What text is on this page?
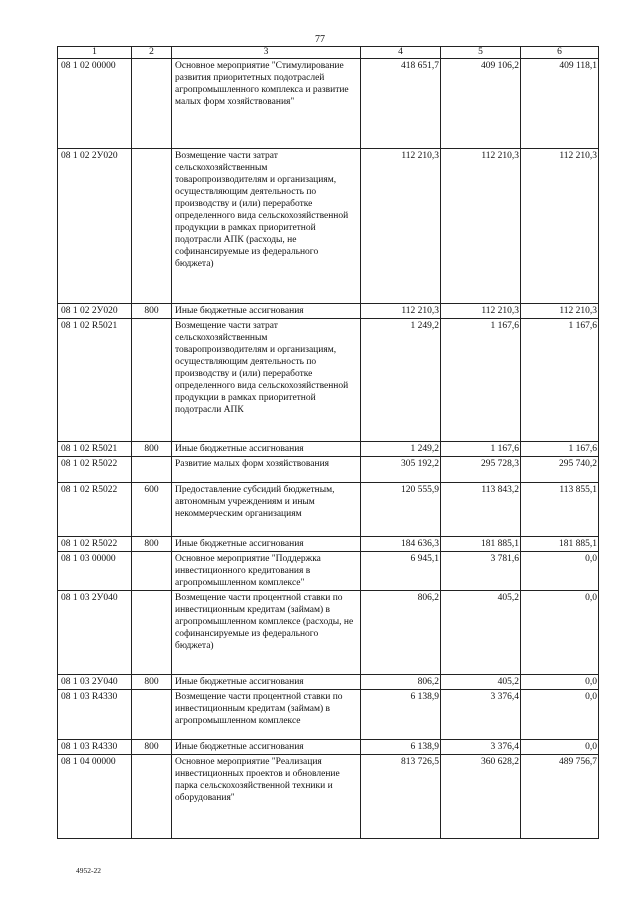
77
1	2	3	4	5	6
08 1 02 00000		Основное мероприятие "Стимулирование развития приоритетных подотраслей агропромышленного комплекса и развитие малых форм хозяйствования"	418 651,7	409 106,2	409 118,1
08 1 02 2У020		Возмещение части затрат сельскохозяйственным товаропроизводителям и организациям, осуществляющим деятельность по производству и (или) переработке определенного вида сельскохозяйственной продукции в рамках приоритетной подотрасли АПК (расходы, не софинансируемые из федерального бюджета)	112 210,3	112 210,3	112 210,3
08 1 02 2У020	800	Иные бюджетные ассигнования	112 210,3	112 210,3	112 210,3
08 1 02 R5021		Возмещение части затрат сельскохозяйственным товаропроизводителям и организациям, осуществляющим деятельность по производству и (или) переработке определенного вида сельскохозяйственной продукции в рамках приоритетной подотрасли АПК	1 249,2	1 167,6	1 167,6
08 1 02 R5021	800	Иные бюджетные ассигнования	1 249,2	1 167,6	1 167,6
08 1 02 R5022		Развитие малых форм хозяйствования	305 192,2	295 728,3	295 740,2
08 1 02 R5022	600	Предоставление субсидий бюджетным, автономным учреждениям и иным некоммерческим организациям	120 555,9	113 843,2	113 855,1
08 1 02 R5022	800	Иные бюджетные ассигнования	184 636,3	181 885,1	181 885,1
08 1 03 00000		Основное мероприятие "Поддержка инвестиционного кредитования в агропромышленном комплексе"	6 945,1	3 781,6	0,0
08 1 03 2У040		Возмещение части процентной ставки по инвестиционным кредитам (займам) в агропромышленном комплексе (расходы, не софинансируемые из федерального бюджета)	806,2	405,2	0,0
08 1 03 2У040	800	Иные бюджетные ассигнования	806,2	405,2	0,0
08 1 03 R4330		Возмещение части процентной ставки по инвестиционным кредитам (займам) в агропромышленном комплексе	6 138,9	3 376,4	0,0
08 1 03 R4330	800	Иные бюджетные ассигнования	6 138,9	3 376,4	0,0
08 1 04 00000		Основное мероприятие "Реализация инвестиционных проектов и обновление парка сельскохозяйственной техники и оборудования"	813 726,5	360 628,2	489 756,7
4952-22
